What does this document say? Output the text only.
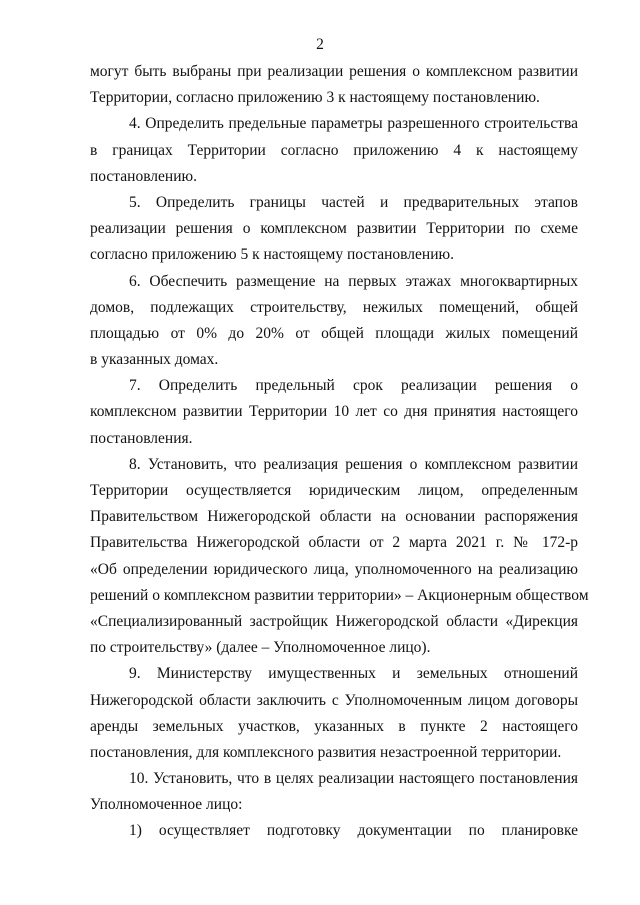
2
могут быть выбраны при реализации решения о комплексном развитии
Территории, согласно приложению 3 к настоящему постановлению.
4. Определить предельные параметры разрешенного строительства
в границах Территории согласно приложению 4 к настоящему
постановлению.
5. Определить границы частей и предварительных этапов
реализации решения о комплексном развитии Территории по схеме
согласно приложению 5 к настоящему постановлению.
6. Обеспечить размещение на первых этажах многоквартирных
домов, подлежащих строительству, нежилых помещений, общей
площадью от 0% до 20% от общей площади жилых помещений
в указанных домах.
7. Определить предельный срок реализации решения о
комплексном развитии Территории 10 лет со дня принятия настоящего
постановления.
8. Установить, что реализация решения о комплексном развитии
Территории осуществляется юридическим лицом, определенным
Правительством Нижегородской области на основании распоряжения
Правительства Нижегородской области от 2 марта 2021 г. № 172-р
«Об определении юридического лица, уполномоченного на реализацию
решений о комплексном развитии территории» – Акционерным обществом
«Специализированный застройщик Нижегородской области «Дирекция
по строительству» (далее – Уполномоченное лицо).
9. Министерству имущественных и земельных отношений
Нижегородской области заключить с Уполномоченным лицом договоры
аренды земельных участков, указанных в пункте 2 настоящего
постановления, для комплексного развития незастроенной территории.
10. Установить, что в целях реализации настоящего постановления
Уполномоченное лицо:
1) осуществляет подготовку документации по планировке
